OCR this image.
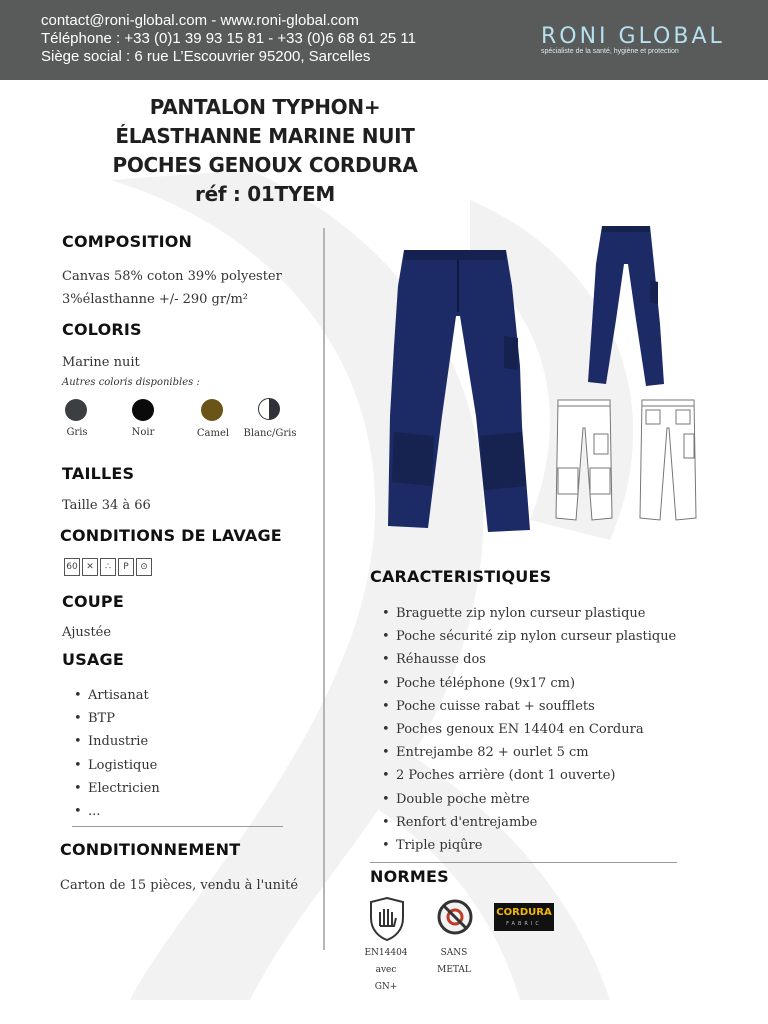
contact@roni-global.com - www.roni-global.com
Téléphone : +33 (0)1 39 93 15 81 - +33 (0)6 68 61 25 11
Siège social : 6 rue L’Escouvrier 95200, Sarcelles
RONI GLOBAL
spécialiste de la santé, hygiène et protection
PANTALON TYPHON+
ÉLASTHANNE MARINE NUIT
POCHES GENOUX CORDURA
réf : 01TYEM
COMPOSITION
Canvas 58% coton 39% polyester
3%élasthanne +/- 290 gr/m²
COLORIS
Marine nuit
Autres coloris disponibles :
Gris	Noir	Camel	Blanc/Gris
TAILLES
Taille 34 à 66
CONDITIONS DE LAVAGE
60 ✕	∴	P	⊙
COUPE
Ajustée
USAGE
• Artisanat
• BTP
• Industrie
• Logistique
• Electricien
• ...
CONDITIONNEMENT
Carton de 15 pièces, vendu à l'unité
CARACTERISTIQUES
• Braguette zip nylon curseur plastique
• Poche sécurité zip nylon curseur plastique
• Réhausse dos
• Poche téléphone (9x17 cm)
• Poche cuisse rabat + soufflets
• Poches genoux EN 14404 en Cordura
• Entrejambe 82 + ourlet 5 cm
• 2 Poches arrière (dont 1 ouverte)
• Double poche mètre
• Renfort d'entrejambe
• Triple piqûre
NORMES
EN14404
avec
GN+
SANS
METAL
CORDURA
FABRIC
